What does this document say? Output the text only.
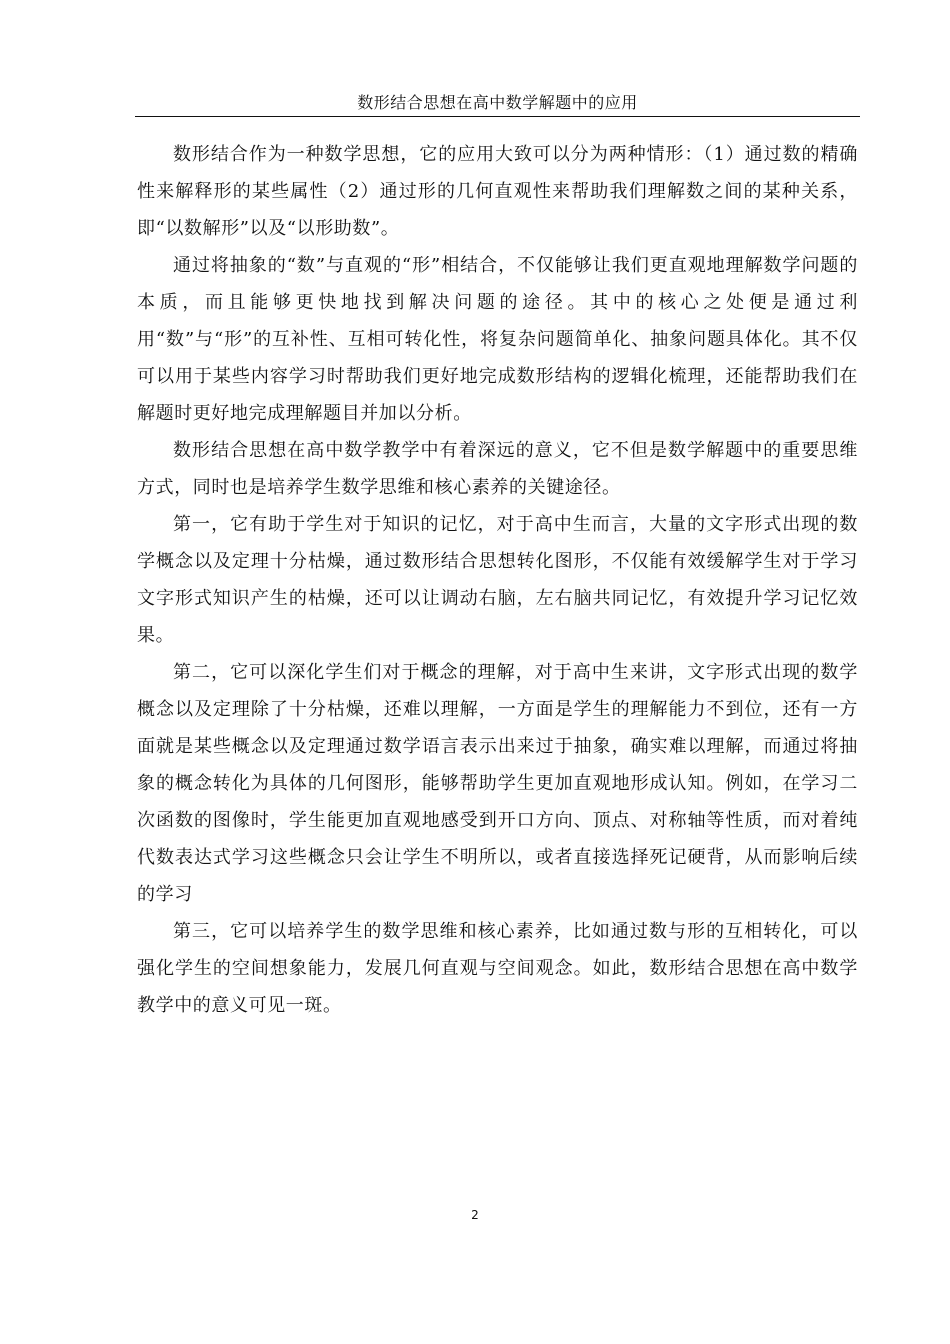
数形结合思想在高中数学解题中的应用

数形结合作为一种数学思想，它的应用大致可以分为两种情形：（1）通过数的精确性来解释形的某些属性（2）通过形的几何直观性来帮助我们理解数之间的某种关系，即“以数解形”以及“以形助数”。

通过将抽象的“数”与直观的“形”相结合，不仅能够让我们更直观地理解数学问题的本质，而且能够更快地找到解决问题的途径。其中的核心之处便是通过利用“数”与“形”的互补性、互相可转化性，将复杂问题简单化、抽象问题具体化。其不仅可以用于某些内容学习时帮助我们更好地完成数形结构的逻辑化梳理，还能帮助我们在解题时更好地完成理解题目并加以分析。

数形结合思想在高中数学教学中有着深远的意义，它不但是数学解题中的重要思维方式，同时也是培养学生数学思维和核心素养的关键途径。

第一，它有助于学生对于知识的记忆，对于高中生而言，大量的文字形式出现的数学概念以及定理十分枯燥，通过数形结合思想转化图形，不仅能有效缓解学生对于学习文字形式知识产生的枯燥，还可以让调动右脑，左右脑共同记忆，有效提升学习记忆效果。

第二，它可以深化学生们对于概念的理解，对于高中生来讲，文字形式出现的数学概念以及定理除了十分枯燥，还难以理解，一方面是学生的理解能力不到位，还有一方面就是某些概念以及定理通过数学语言表示出来过于抽象，确实难以理解，而通过将抽象的概念转化为具体的几何图形，能够帮助学生更加直观地形成认知。例如，在学习二次函数的图像时，学生能更加直观地感受到开口方向、顶点、对称轴等性质，而对着纯代数表达式学习这些概念只会让学生不明所以，或者直接选择死记硬背，从而影响后续的学习

第三，它可以培养学生的数学思维和核心素养，比如通过数与形的互相转化，可以强化学生的空间想象能力，发展几何直观与空间观念。如此，数形结合思想在高中数学教学中的意义可见一斑。

2
